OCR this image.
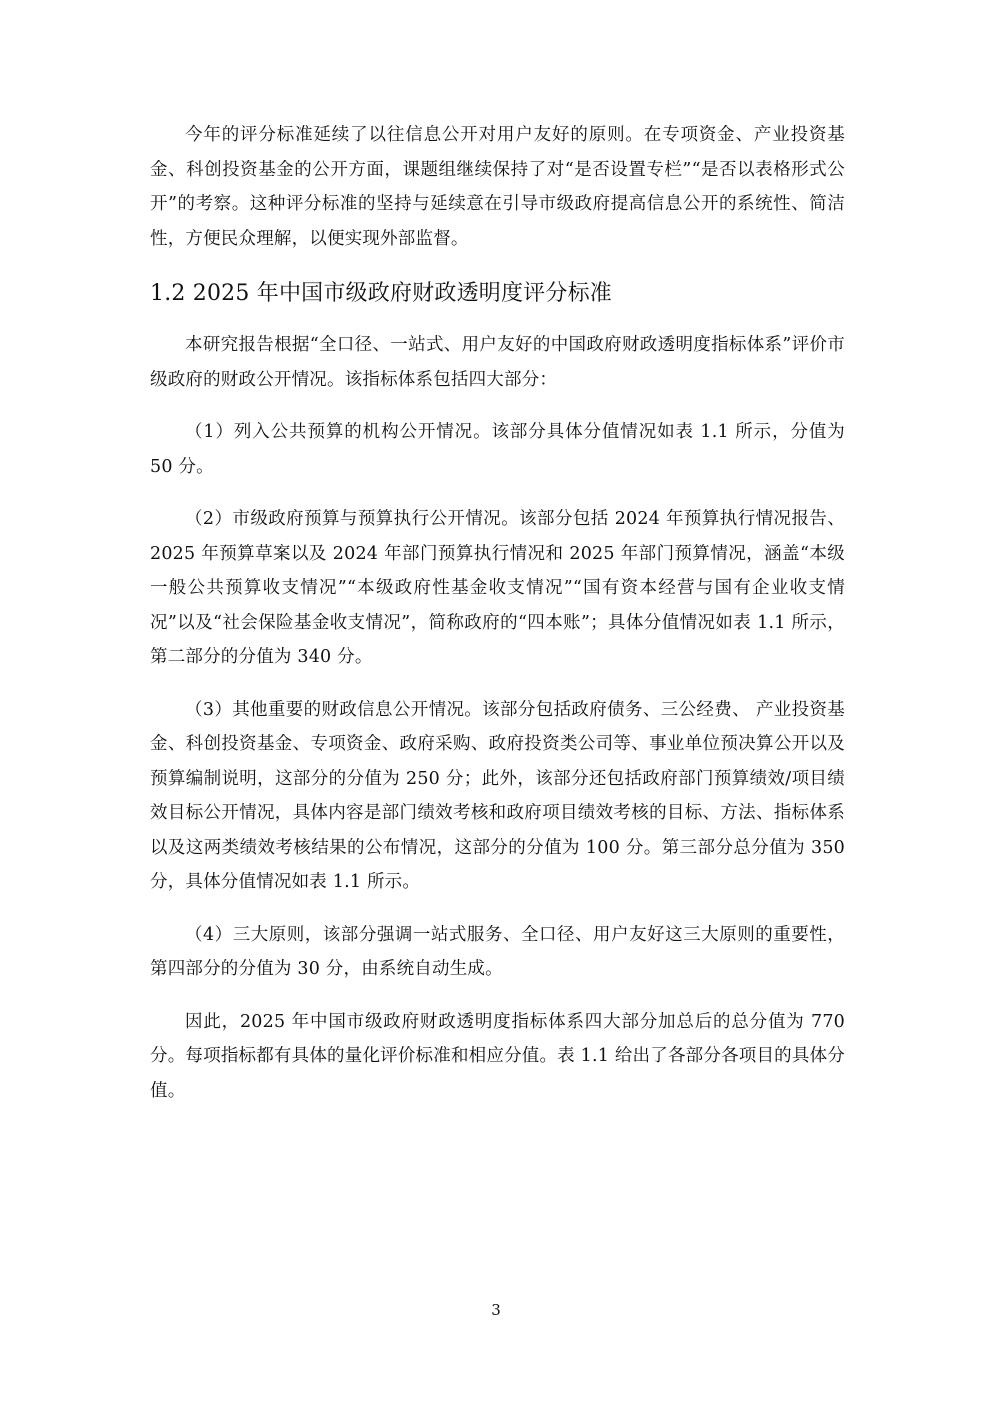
今年的评分标准延续了以往信息公开对用户友好的原则。在专项资金、产业投资基金、科创投资基金的公开方面，课题组继续保持了对“是否设置专栏”“是否以表格形式公开”的考察。这种评分标准的坚持与延续意在引导市级政府提高信息公开的系统性、简洁性，方便民众理解，以便实现外部监督。

1.2 2025 年中国市级政府财政透明度评分标准

本研究报告根据“全口径、一站式、用户友好的中国政府财政透明度指标体系”评价市级政府的财政公开情况。该指标体系包括四大部分：

（1）列入公共预算的机构公开情况。该部分具体分值情况如表 1.1 所示，分值为 50 分。

（2）市级政府预算与预算执行公开情况。该部分包括 2024 年预算执行情况报告、2025 年预算草案以及 2024 年部门预算执行情况和 2025 年部门预算情况，涵盖“本级一般公共预算收支情况”“本级政府性基金收支情况”“国有资本经营与国有企业收支情况”以及“社会保险基金收支情况”，简称政府的“四本账”；具体分值情况如表 1.1 所示，第二部分的分值为 340 分。

（3）其他重要的财政信息公开情况。该部分包括政府债务、三公经费、 产业投资基金、科创投资基金、专项资金、政府采购、政府投资类公司等、事业单位预决算公开以及预算编制说明，这部分的分值为 250 分；此外，该部分还包括政府部门预算绩效/项目绩效目标公开情况，具体内容是部门绩效考核和政府项目绩效考核的目标、方法、指标体系以及这两类绩效考核结果的公布情况，这部分的分值为 100 分。第三部分总分值为 350 分，具体分值情况如表 1.1 所示。

（4）三大原则，该部分强调一站式服务、全口径、用户友好这三大原则的重要性，第四部分的分值为 30 分，由系统自动生成。

因此，2025 年中国市级政府财政透明度指标体系四大部分加总后的总分值为 770 分。每项指标都有具体的量化评价标准和相应分值。表 1.1 给出了各部分各项目的具体分值。

3
